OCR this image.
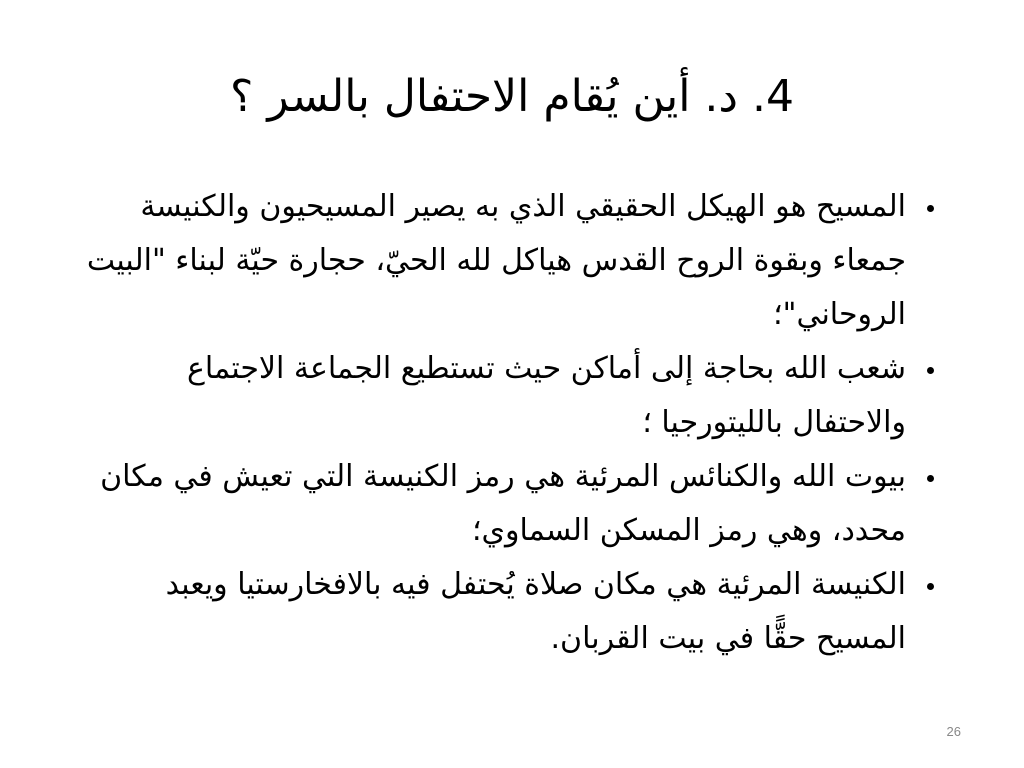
4. د. أين يُقام الاحتفال بالسر ؟
المسيح هو الهيكل الحقيقي الذي به يصير المسيحيون والكنيسة جمعاء وبقوة الروح القدس هياكل لله الحيّ، حجارة حيّة لبناء "البيت الروحاني"؛
شعب الله بحاجة إلى أماكن حيث تستطيع الجماعة الاجتماع والاحتفال بالليتورجيا ؛
بيوت الله والكنائس المرئية هي رمز الكنيسة التي تعيش في مكان محدد، وهي رمز المسكن السماوي؛
الكنيسة المرئية هي مكان صلاة يُحتفل فيه بالافخارستيا ويعبد المسيح حقًّا في بيت القربان.
26
